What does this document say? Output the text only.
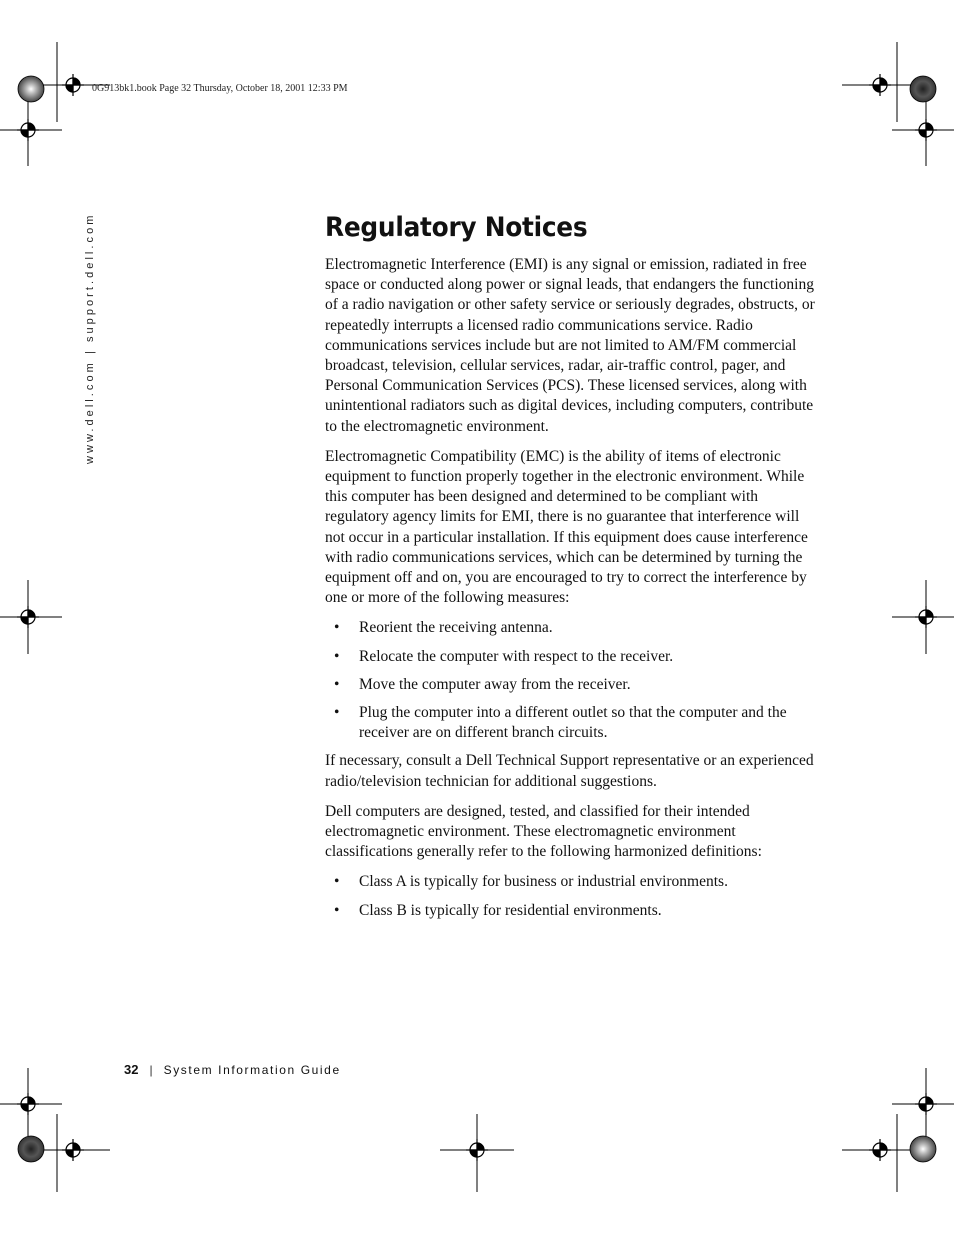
0G913bk1.book Page 32 Thursday, October 18, 2001 12:33 PM
www.dell.com | support.dell.com	Regulatory Notices

Electromagnetic Interference (EMI) is any signal or emission, radiated in free space or conducted along power or signal leads, that endangers the functioning of a radio navigation or other safety service or seriously degrades, obstructs, or repeatedly interrupts a licensed radio communications service. Radio communications services include but are not limited to AM/FM commercial broadcast, television, cellular services, radar, air-traffic control, pager, and Personal Communication Services (PCS). These licensed services, along with unintentional radiators such as digital devices, including computers, contribute to the electromagnetic environment.

Electromagnetic Compatibility (EMC) is the ability of items of electronic equipment to function properly together in the electronic environment. While this computer has been designed and determined to be compliant with regulatory agency limits for EMI, there is no guarantee that interference will not occur in a particular installation. If this equipment does cause interference with radio communications services, which can be determined by turning the equipment off and on, you are encouraged to try to correct the interference by one or more of the following measures:

• Reorient the receiving antenna.
• Relocate the computer with respect to the receiver.
• Move the computer away from the receiver.
• Plug the computer into a different outlet so that the computer and the receiver are on different branch circuits.

If necessary, consult a Dell Technical Support representative or an experienced radio/television technician for additional suggestions.

Dell computers are designed, tested, and classified for their intended electromagnetic environment. These electromagnetic environment classifications generally refer to the following harmonized definitions:

• Class A is typically for business or industrial environments.
• Class B is typically for residential environments.
32 | System Information Guide
